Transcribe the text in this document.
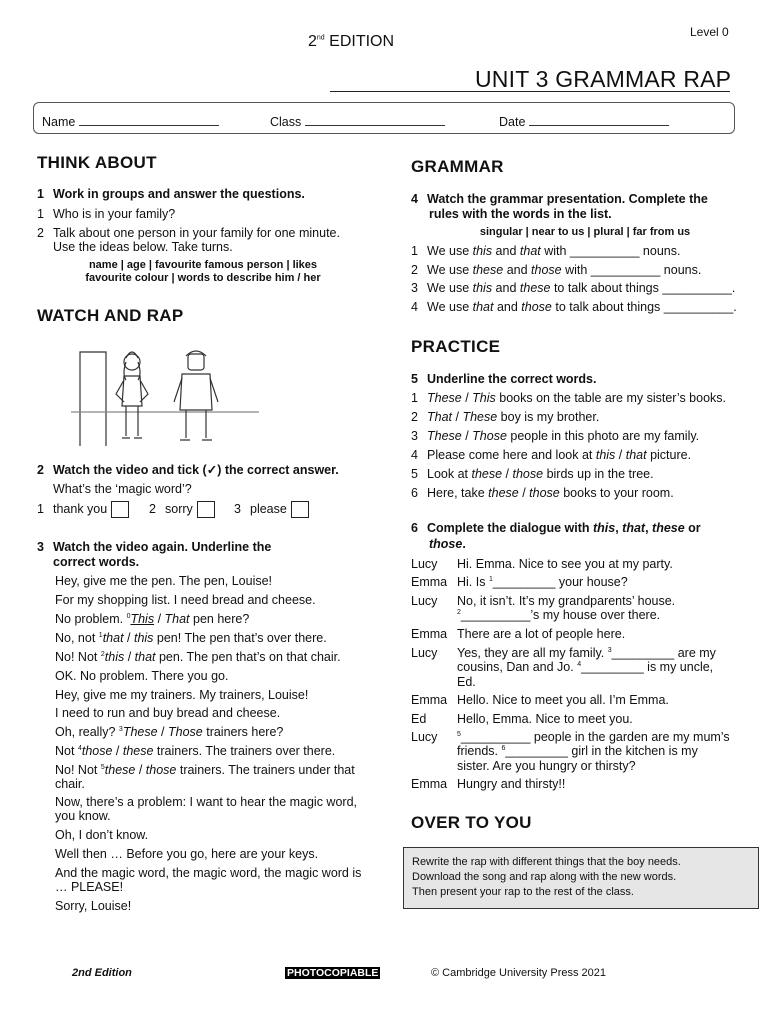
2nd EDITION
Level 0
UNIT 3 GRAMMAR RAP
Name	Class	Date
THINK ABOUT
1 Work in groups and answer the questions.
1 Who is in your family?
2 Talk about one person in your family for one minute.
Use the ideas below. Take turns.
name | age | favourite famous person | likes
favourite colour | words to describe him / her
WATCH AND RAP
2 Watch the video and tick (✓) the correct answer.
What’s the ‘magic word’?
1 thank you	2 sorry	3 please
3 Watch the video again. Underline the
correct words.
Hey, give me the pen. The pen, Louise!
For my shopping list. I need bread and cheese.
No problem. $^0$This / That pen here?
No, not $^1$that / this pen! The pen that’s over there.
No! Not $^2$this / that pen. The pen that’s on that chair.
OK. No problem. There you go.
Hey, give me my trainers. My trainers, Louise!
I need to run and buy bread and cheese.
Oh, really? $^3$These / Those trainers here?
Not $^4$those / these trainers. The trainers over there.
No! Not $^5$these / those trainers. The trainers under that
chair.
Now, there’s a problem: I want to hear the magic word,
you know.
Oh, I don’t know.
Well then … Before you go, here are your keys.
And the magic word, the magic word, the magic word is
… PLEASE!
Sorry, Louise!
GRAMMAR
4 Watch the grammar presentation. Complete the
rules with the words in the list.
singular | near to us | plural | far from us
1 We use this and that with __________ nouns.
2 We use these and those with __________ nouns.
3 We use this and these to talk about things __________.
4 We use that and those to talk about things __________.
PRACTICE
5 Underline the correct words.
1 These / This books on the table are my sister’s books.
2 That / These boy is my brother.
3 These / Those people in this photo are my family.
4 Please come here and look at this / that picture.
5 Look at these / those birds up in the tree.
6 Here, take these / those books to your room.
6 Complete the dialogue with this, that, these or
those.
Lucy Hi. Emma. Nice to see you at my party.
Emma Hi. Is $^1$_________ your house?
Lucy No, it isn’t. It’s my grandparents’ house.
$^2$__________’s my house over there.
Emma There are a lot of people here.
Lucy Yes, they are all my family. $^3$_________ are my
cousins, Dan and Jo. $^4$_________ is my uncle,
Ed.
Emma Hello. Nice to meet you all. I’m Emma.
Ed Hello, Emma. Nice to meet you.
Lucy	$^5$__________ people in the garden are my mum’s
friends. $^6$_________ girl in the kitchen is my
sister. Are you hungry or thirsty?
Emma Hungry and thirsty!!
OVER TO YOU
Rewrite the rap with different things that the boy needs.
Download the song and rap along with the new words.
Then present your rap to the rest of the class.
2nd Edition	PHOTOCOPIABLE	© Cambridge University Press 2021
